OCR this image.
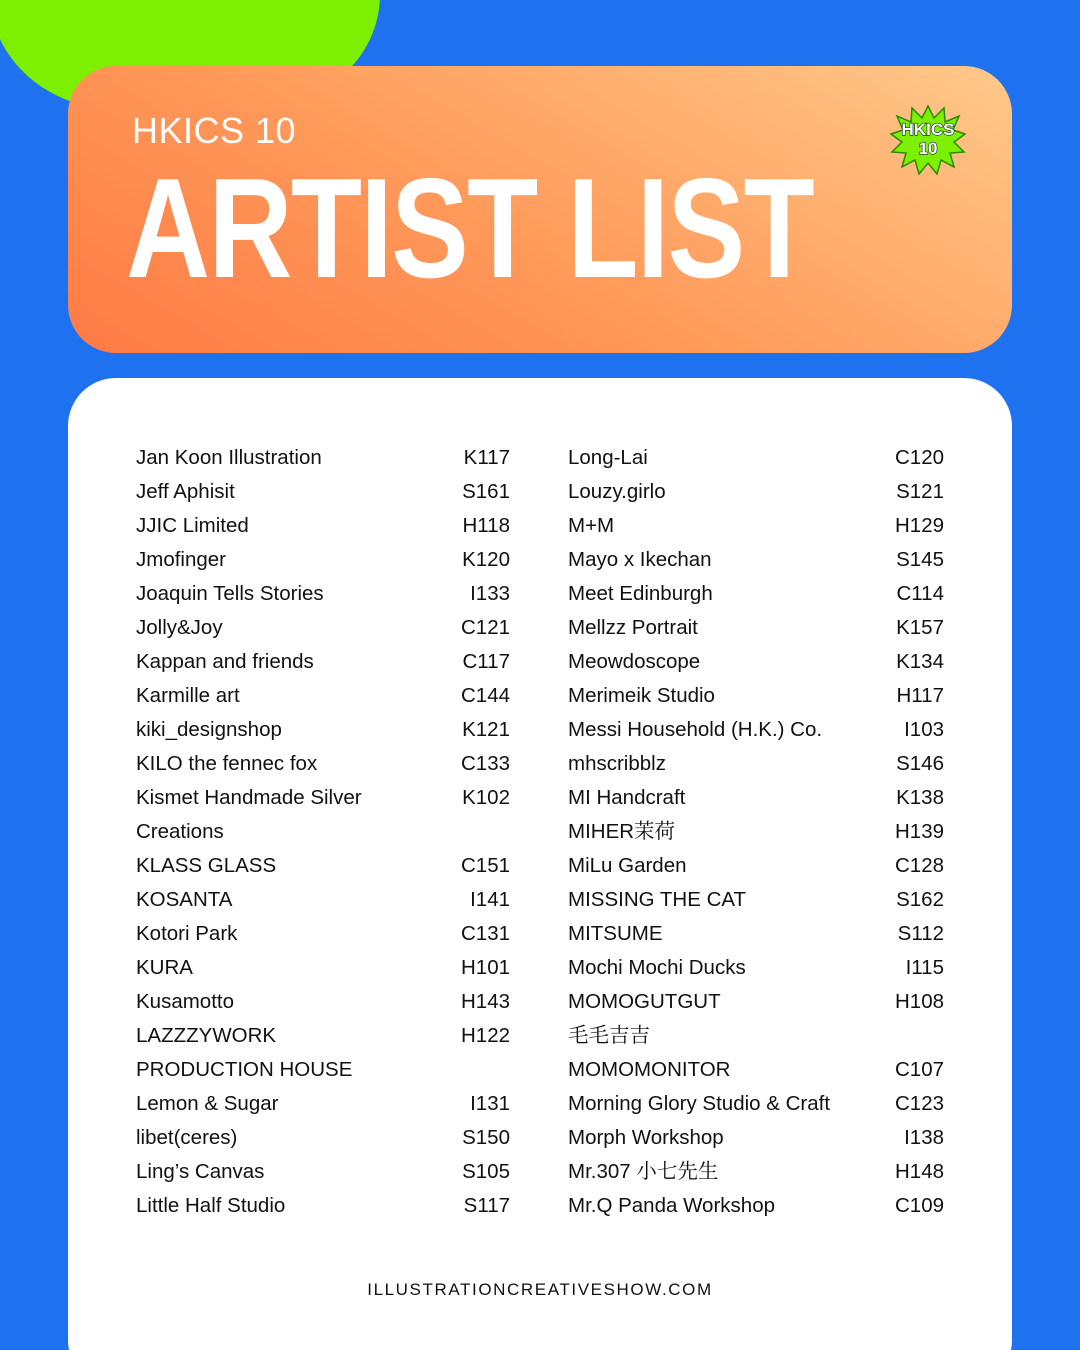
HKICS 10
ARTIST LIST
HKICS
10
Jan Koon Illustration	K117
Jeff Aphisit	S161
JJIC Limited	H118
Jmofinger	K120
Joaquin Tells Stories	I133
Jolly&Joy	C121
Kappan and friends	C117
Karmille art	C144
kiki_designshop	K121
KILO the fennec fox	C133
Kismet Handmade Silver	K102
Creations
KLASS GLASS	C151
KOSANTA	I141
Kotori Park	C131
KURA	H101
Kusamotto	H143
LAZZZYWORK	H122
PRODUCTION HOUSE
Lemon & Sugar	I131
libet(ceres)	S150
Ling’s Canvas	S105
Little Half Studio	S117
Long-Lai	C120
Louzy.girlo	S121
M+M	H129
Mayo x Ikechan	S145
Meet Edinburgh	C114
Mellzz Portrait	K157
Meowdoscope	K134
Merimeik Studio	H117
Messi Household (H.K.) Co.	I103
mhscribblz	S146
MI Handcraft	K138
MIHER茉荷	H139
MiLu Garden	C128
MISSING THE CAT	S162
MITSUME	S112
Mochi Mochi Ducks	I115
MOMOGUTGUT	H108
毛毛吉吉
MOMOMONITOR	C107
Morning Glory Studio & Craft	C123
Morph Workshop	I138
Mr.307 小七先生	H148
Mr.Q Panda Workshop	C109
ILLUSTRATIONCREATIVESHOW.COM
